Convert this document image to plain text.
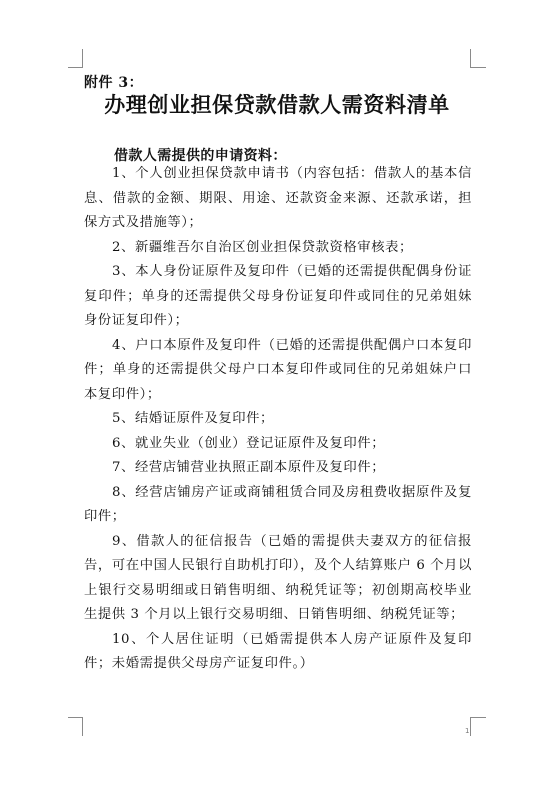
附件 3：
办理创业担保贷款借款人需资料清单
借款人需提供的申请资料：

1、个人创业担保贷款申请书（内容包括：借款人的基本信息、借款的金额、期限、用途、还款资金来源、还款承诺，担保方式及措施等）；

2、新疆维吾尔自治区创业担保贷款资格审核表；

3、本人身份证原件及复印件（已婚的还需提供配偶身份证复印件；单身的还需提供父母身份证复印件或同住的兄弟姐妹身份证复印件）；

4、户口本原件及复印件（已婚的还需提供配偶户口本复印件；单身的还需提供父母户口本复印件或同住的兄弟姐妹户口本复印件）；

5、结婚证原件及复印件；

6、就业失业（创业）登记证原件及复印件；

7、经营店铺营业执照正副本原件及复印件；

8、经营店铺房产证或商铺租赁合同及房租费收据原件及复印件；

9、借款人的征信报告（已婚的需提供夫妻双方的征信报告，可在中国人民银行自助机打印），及个人结算账户 6 个月以上银行交易明细或日销售明细、纳税凭证等；初创期高校毕业生提供 3 个月以上银行交易明细、日销售明细、纳税凭证等；

10、个人居住证明（已婚需提供本人房产证原件及复印件；未婚需提供父母房产证复印件。）

1
